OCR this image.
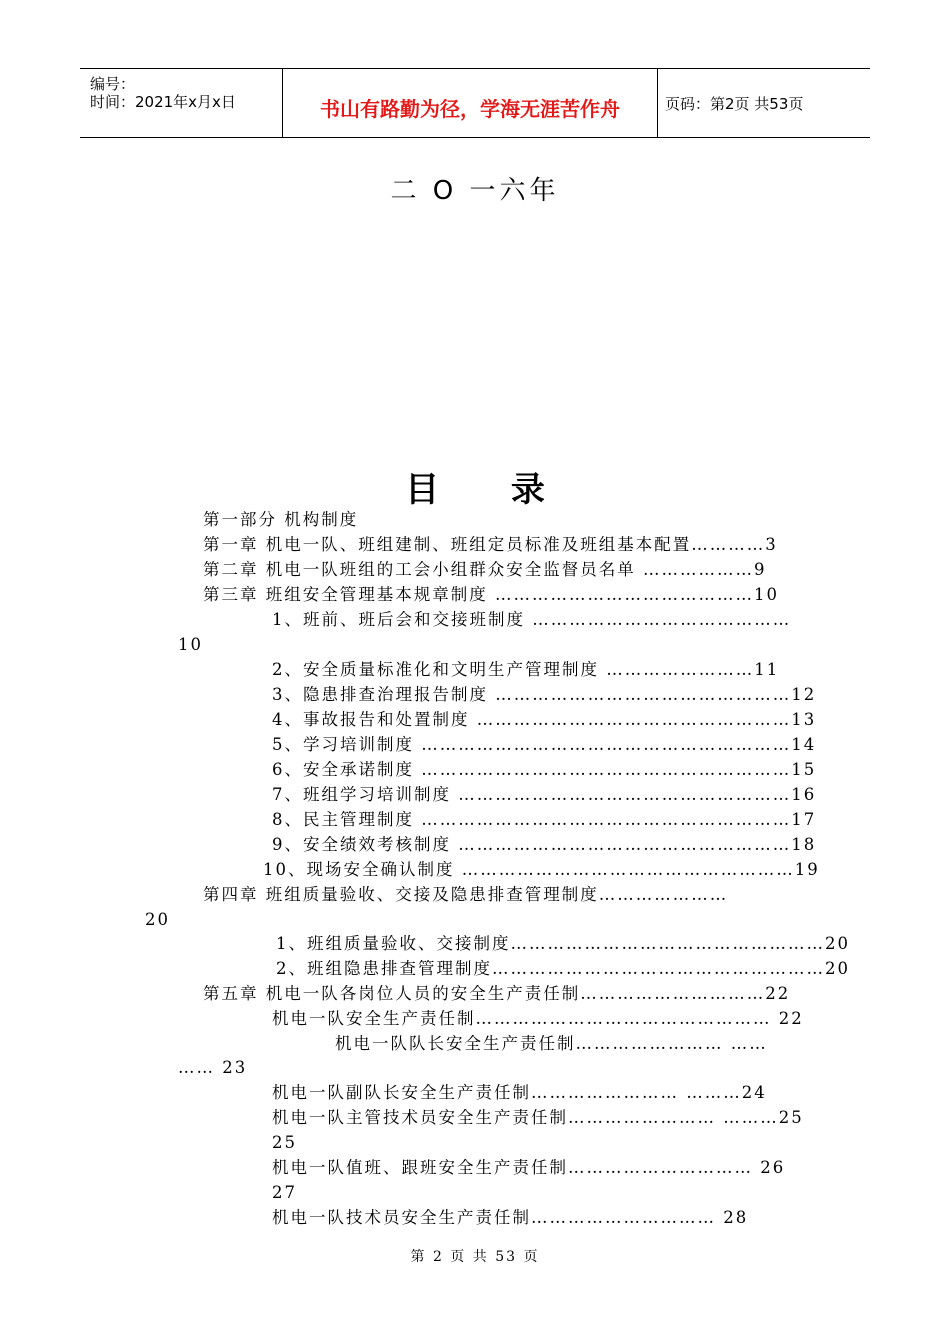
编号：
时间：2021年x月x日	书山有路勤为径，学海无涯苦作舟	页码：第2页 共53页
二 O 一六年
目 录
第一部分 机构制度
第一章 机电一队、班组建制、班组定员标准及班组基本配置…………3
第二章 机电一队班组的工会小组群众安全监督员名单 ………………9
第三章 班组安全管理基本规章制度 ……………………………………10
1、班前、班后会和交接班制度 ……………………………………
10
2、安全质量标准化和文明生产管理制度 ……………………11
3、隐患排查治理报告制度 …………………………………………12
4、事故报告和处置制度 ……………………………………………13
5、学习培训制度 ……………………………………………………14
6、安全承诺制度 ……………………………………………………15
7、班组学习培训制度 ………………………………………………16
8、民主管理制度 ……………………………………………………17
9、安全绩效考核制度 ………………………………………………18
10、现场安全确认制度 ………………………………………………19
第四章 班组质量验收、交接及隐患排查管理制度…………………
20
1、班组质量验收、交接制度……………………………………………20
2、班组隐患排查管理制度………………………………………………20
第五章 机电一队各岗位人员的安全生产责任制…………………………22
机电一队安全生产责任制………………………………………… 22
机电一队队长安全生产责任制…………………… ……
…… 23
机电一队副队长安全生产责任制…………………… ………24
机电一队主管技术员安全生产责任制…………………… ………25
25
机电一队值班、跟班安全生产责任制………………………… 26
27
机电一队技术员安全生产责任制………………………… 28
第 2 页 共 53 页
